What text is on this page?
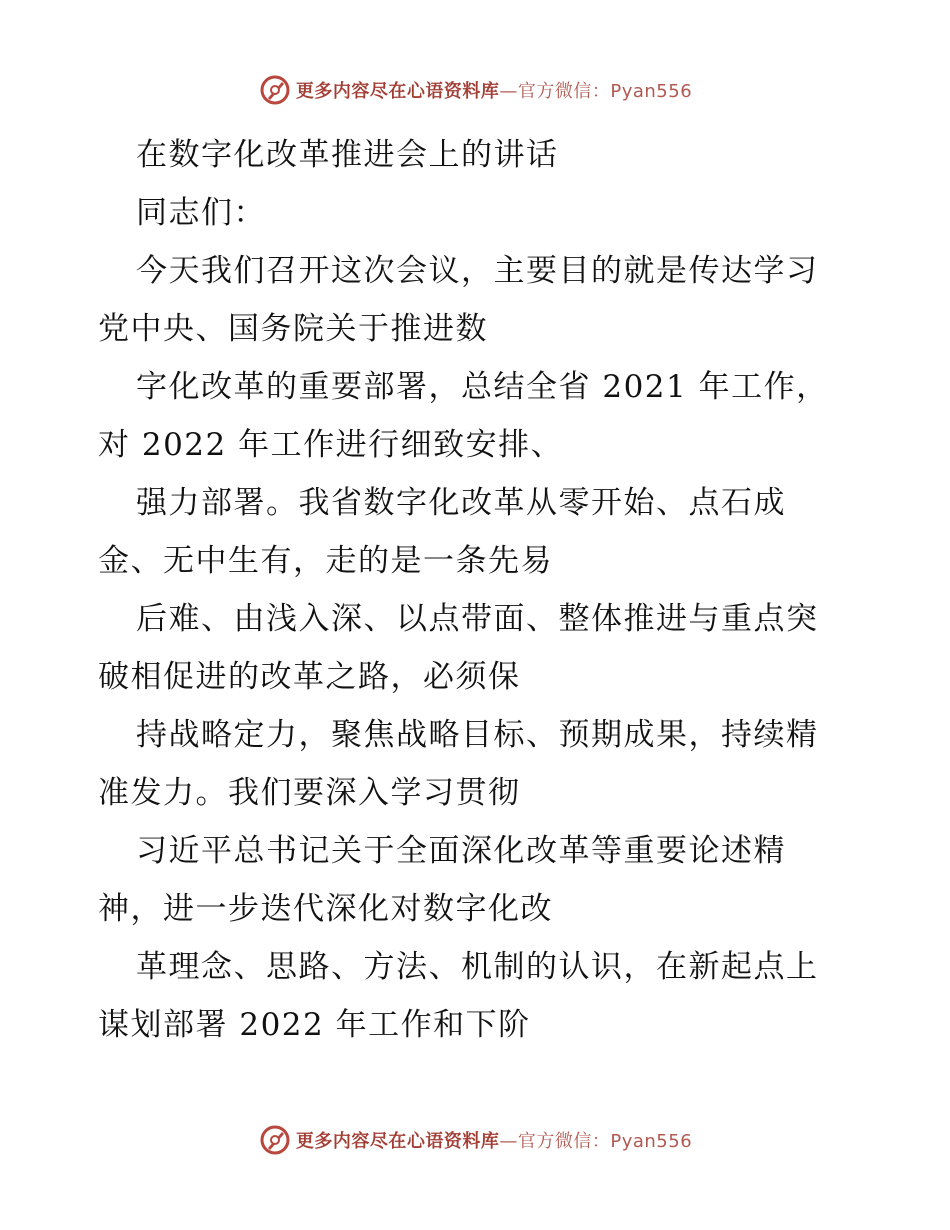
更多内容尽在心语资料库—官方微信：Pyan556
在数字化改革推进会上的讲话
同志们：
今天我们召开这次会议，主要目的就是传达学习
党中央、国务院关于推进数
字化改革的重要部署，总结全省 2021 年工作，
对 2022 年工作进行细致安排、
强力部署。我省数字化改革从零开始、点石成
金、无中生有，走的是一条先易
后难、由浅入深、以点带面、整体推进与重点突
破相促进的改革之路，必须保
持战略定力，聚焦战略目标、预期成果，持续精
准发力。我们要深入学习贯彻
习近平总书记关于全面深化改革等重要论述精
神，进一步迭代深化对数字化改
革理念、思路、方法、机制的认识，在新起点上
谋划部署 2022 年工作和下阶
更多内容尽在心语资料库—官方微信：Pyan556
